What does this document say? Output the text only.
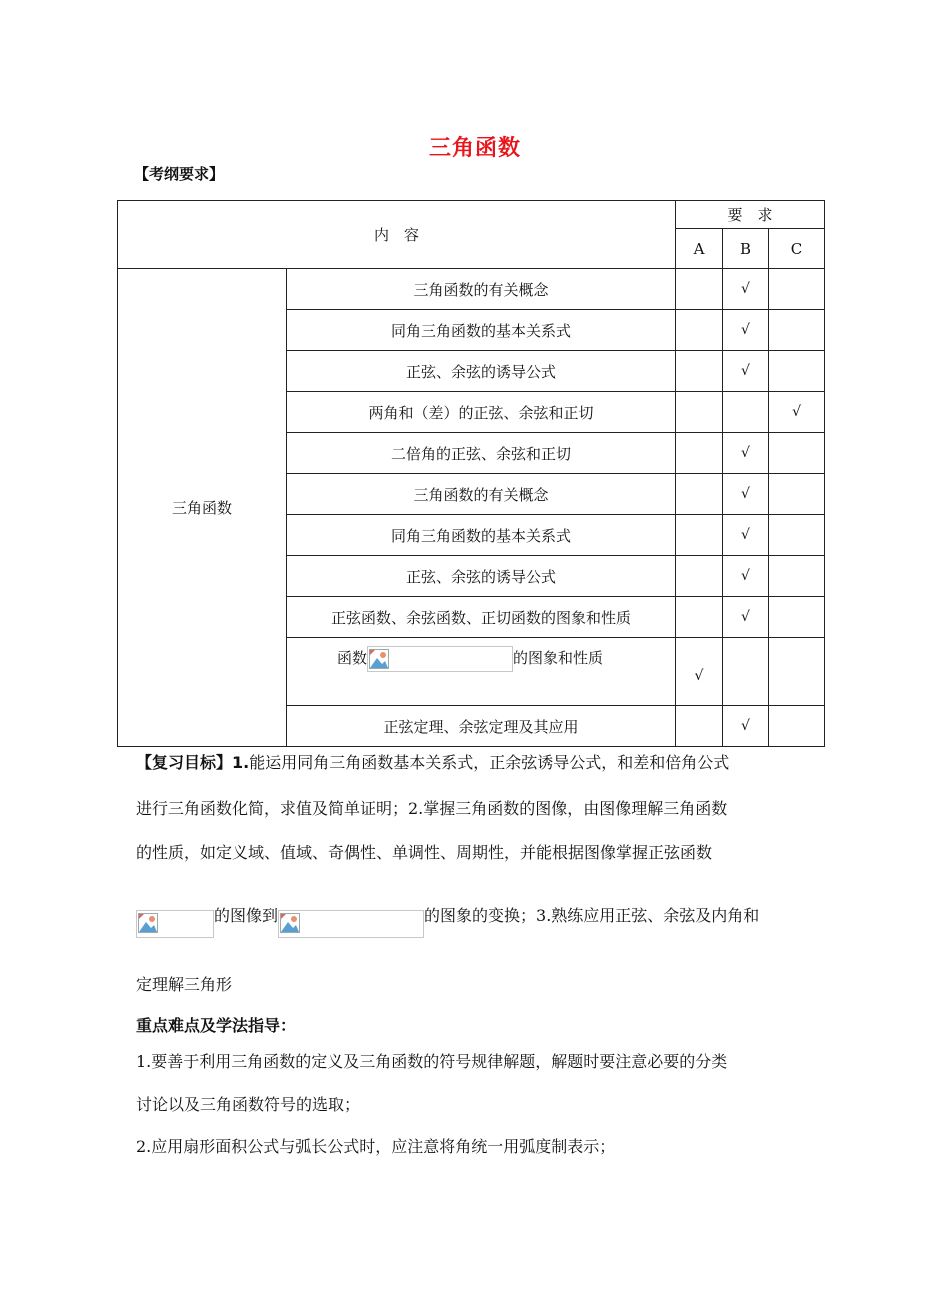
三角函数
【考纲要求】
内　容		要　求		
		A	B	C
三角函数	三角函数的有关概念		√	
	同角三角函数的基本关系式		√	
	正弦、余弦的诱导公式		√	
	两角和（差）的正弦、余弦和正切			√
	二倍角的正弦、余弦和正切		√	
	三角函数的有关概念		√	
	同角三角函数的基本关系式		√	
	正弦、余弦的诱导公式		√	
	正弦函数、余弦函数、正切函数的图象和性质		√	
	函数 的图象和性质	√		
	正弦定理、余弦定理及其应用		√	
【复习目标】1.能运用同角三角函数基本关系式，正余弦诱导公式，和差和倍角公式
进行三角函数化简，求值及简单证明；2.掌握三角函数的图像，由图像理解三角函数
的性质，如定义域、值域、奇偶性、单调性、周期性，并能根据图像掌握正弦函数
的图像到	的图象的变换；3.熟练应用正弦、余弦及内角和
定理解三角形
重点难点及学法指导：
1.要善于利用三角函数的定义及三角函数的符号规律解题，解题时要注意必要的分类
讨论以及三角函数符号的选取；
2.应用扇形面积公式与弧长公式时，应注意将角统一用弧度制表示；
